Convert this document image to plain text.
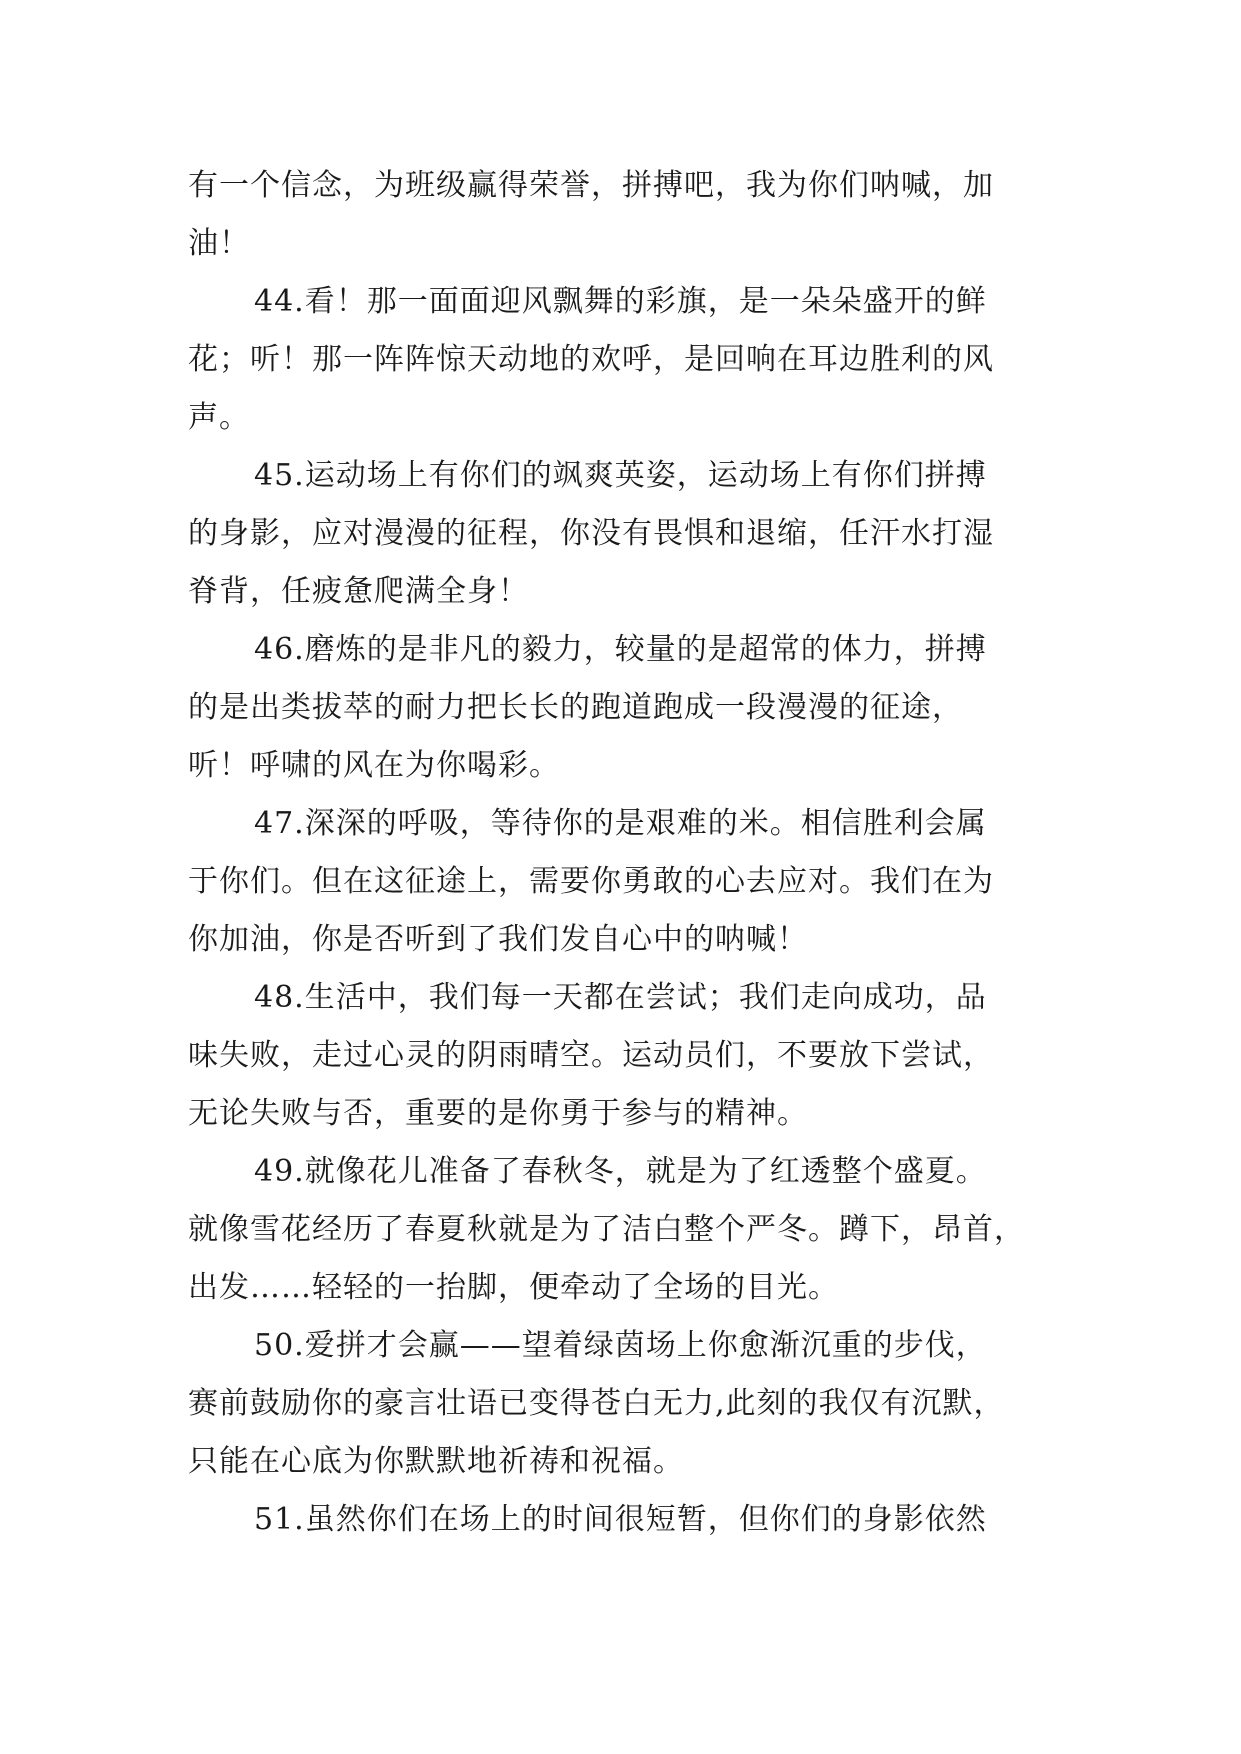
有一个信念，为班级赢得荣誉，拼搏吧，我为你们呐喊，加
油！
44.看！那一面面迎风飘舞的彩旗，是一朵朵盛开的鲜
花；听！那一阵阵惊天动地的欢呼，是回响在耳边胜利的风
声。
45.运动场上有你们的飒爽英姿，运动场上有你们拼搏
的身影，应对漫漫的征程，你没有畏惧和退缩，任汗水打湿
脊背，任疲惫爬满全身！
46.磨炼的是非凡的毅力，较量的是超常的体力，拼搏
的是出类拔萃的耐力把长长的跑道跑成一段漫漫的征途，
听！呼啸的风在为你喝彩。
47.深深的呼吸，等待你的是艰难的米。相信胜利会属
于你们。但在这征途上，需要你勇敢的心去应对。我们在为
你加油，你是否听到了我们发自心中的呐喊！
48.生活中，我们每一天都在尝试；我们走向成功，品
味失败，走过心灵的阴雨晴空。运动员们，不要放下尝试，
无论失败与否，重要的是你勇于参与的精神。
49.就像花儿准备了春秋冬，就是为了红透整个盛夏。
就像雪花经历了春夏秋就是为了洁白整个严冬。蹲下，昂首，
出发……轻轻的一抬脚，便牵动了全场的目光。
50.爱拼才会赢——望着绿茵场上你愈渐沉重的步伐，
赛前鼓励你的豪言壮语已变得苍白无力,此刻的我仅有沉默，
只能在心底为你默默地祈祷和祝福。
51.虽然你们在场上的时间很短暂，但你们的身影依然
